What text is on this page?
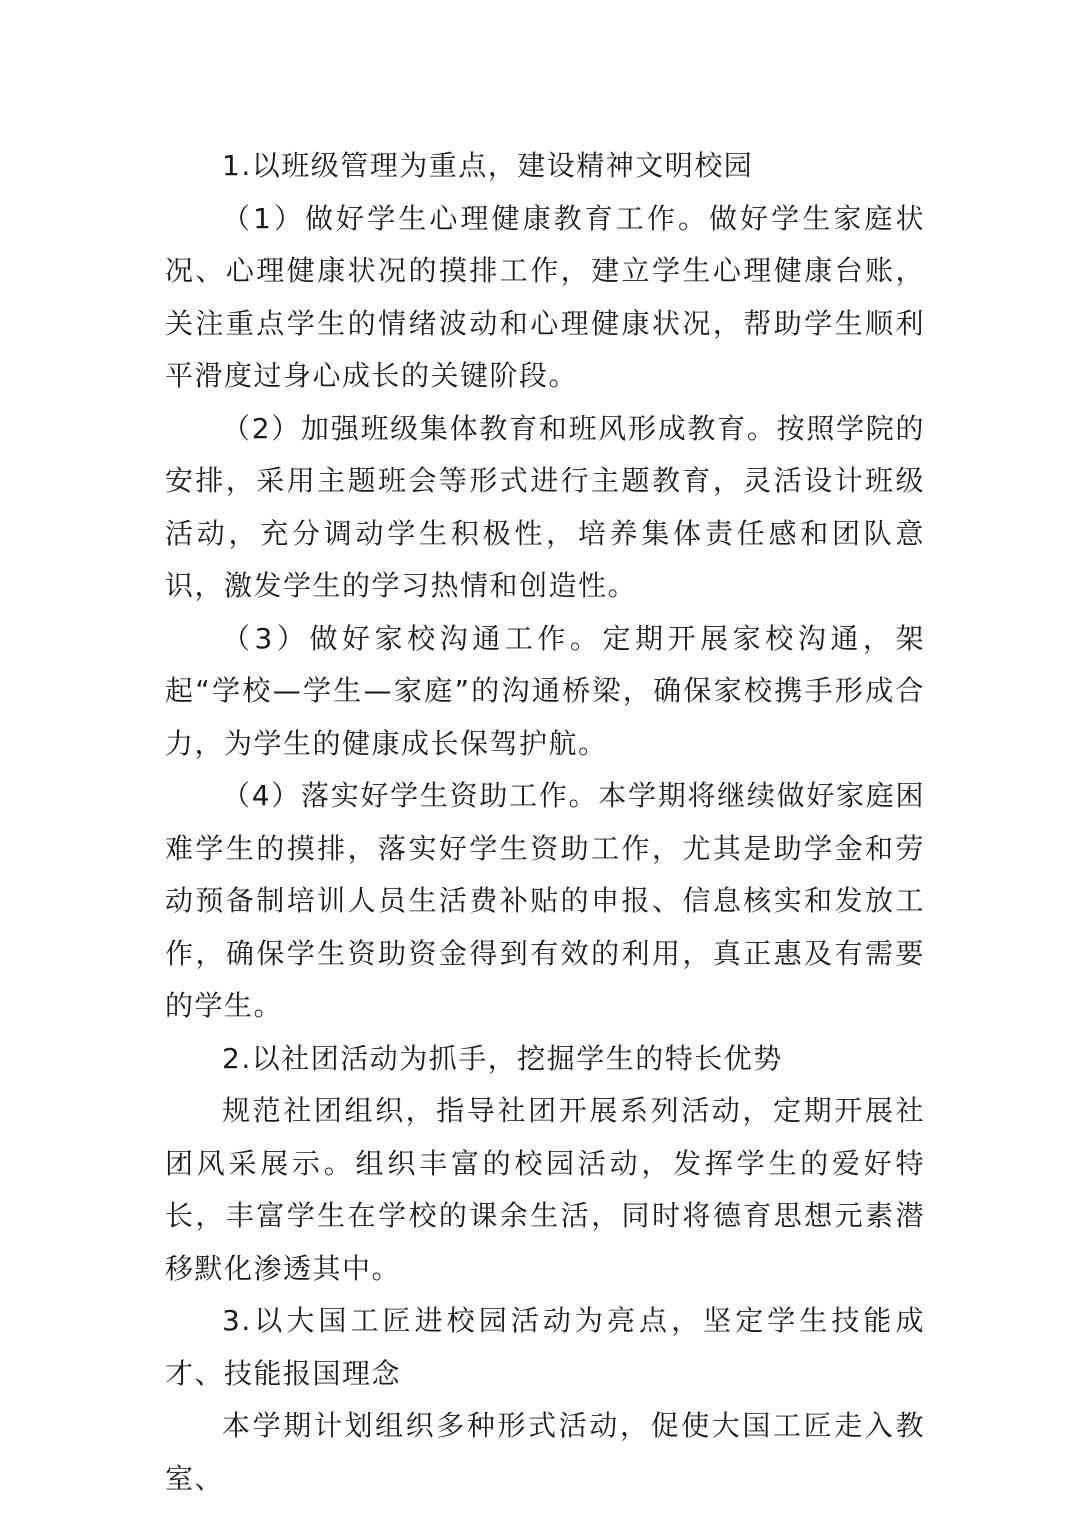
1.以班级管理为重点，建设精神文明校园

（1）做好学生心理健康教育工作。做好学生家庭状况、心理健康状况的摸排工作，建立学生心理健康台账，关注重点学生的情绪波动和心理健康状况，帮助学生顺利平滑度过身心成长的关键阶段。

（2）加强班级集体教育和班风形成教育。按照学院的安排，采用主题班会等形式进行主题教育，灵活设计班级活动，充分调动学生积极性，培养集体责任感和团队意识，激发学生的学习热情和创造性。

（3）做好家校沟通工作。定期开展家校沟通，架起“学校—学生—家庭”的沟通桥梁，确保家校携手形成合力，为学生的健康成长保驾护航。

（4）落实好学生资助工作。本学期将继续做好家庭困难学生的摸排，落实好学生资助工作，尤其是助学金和劳动预备制培训人员生活费补贴的申报、信息核实和发放工作，确保学生资助资金得到有效的利用，真正惠及有需要的学生。

2.以社团活动为抓手，挖掘学生的特长优势

规范社团组织，指导社团开展系列活动，定期开展社团风采展示。组织丰富的校园活动，发挥学生的爱好特长，丰富学生在学校的课余生活，同时将德育思想元素潜移默化渗透其中。

3.以大国工匠进校园活动为亮点，坚定学生技能成才、技能报国理念

本学期计划组织多种形式活动，促使大国工匠走入教室、
